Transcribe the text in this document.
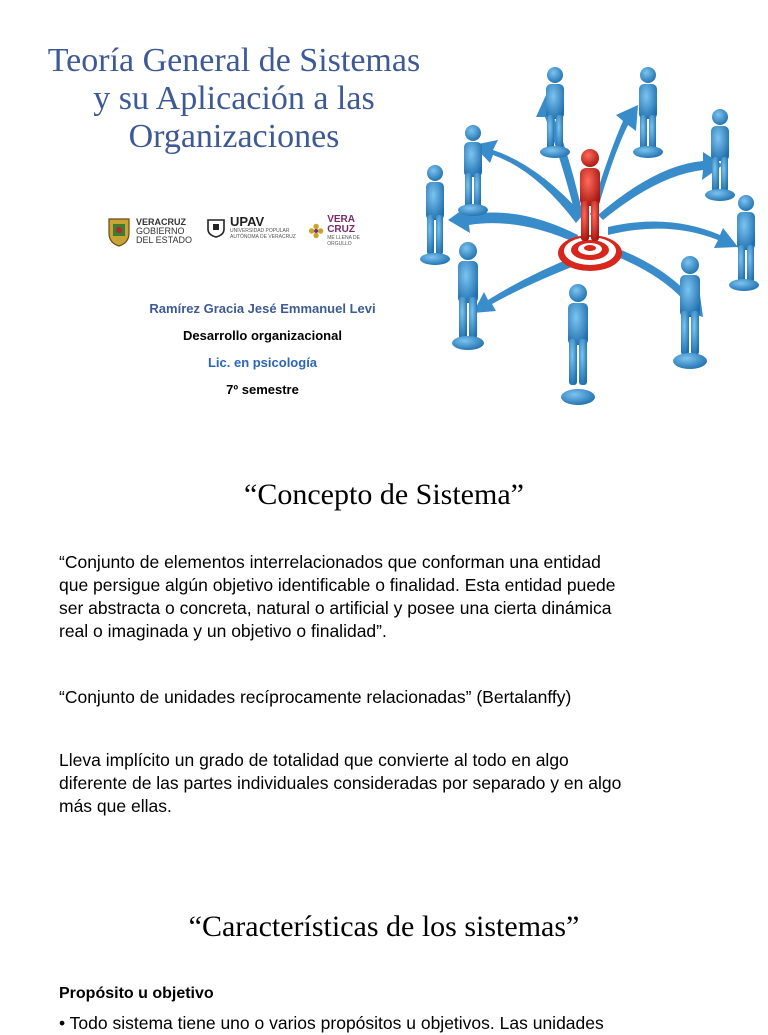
Teoría General de Sistemas
y su Aplicación a las
Organizaciones
VERACRUZ
GOBIERNO
DEL ESTADO
UPAV
UNIVERSIDAD POPULAR
AUTÓNOMA DE VERACRUZ
VERA
CRUZ
ME LLENA DE ORGULLO
Ramírez Gracia Jesé Emmanuel Levi
Desarrollo organizacional
Lic. en psicología
7º semestre
“Concepto de Sistema”
“Conjunto de elementos interrelacionados que conforman una entidad
que persigue algún objetivo identificable o finalidad. Esta entidad puede
ser abstracta o concreta, natural o artificial y posee una cierta dinámica
real o imaginada y un objetivo o finalidad”.
“Conjunto de unidades recíprocamente relacionadas” (Bertalanffy)
Lleva implícito un grado de totalidad que convierte al todo en algo
diferente de las partes individuales consideradas por separado y en algo
más que ellas.
“Características de los sistemas”
Propósito u objetivo
• Todo sistema tiene uno o varios propósitos u objetivos. Las unidades
